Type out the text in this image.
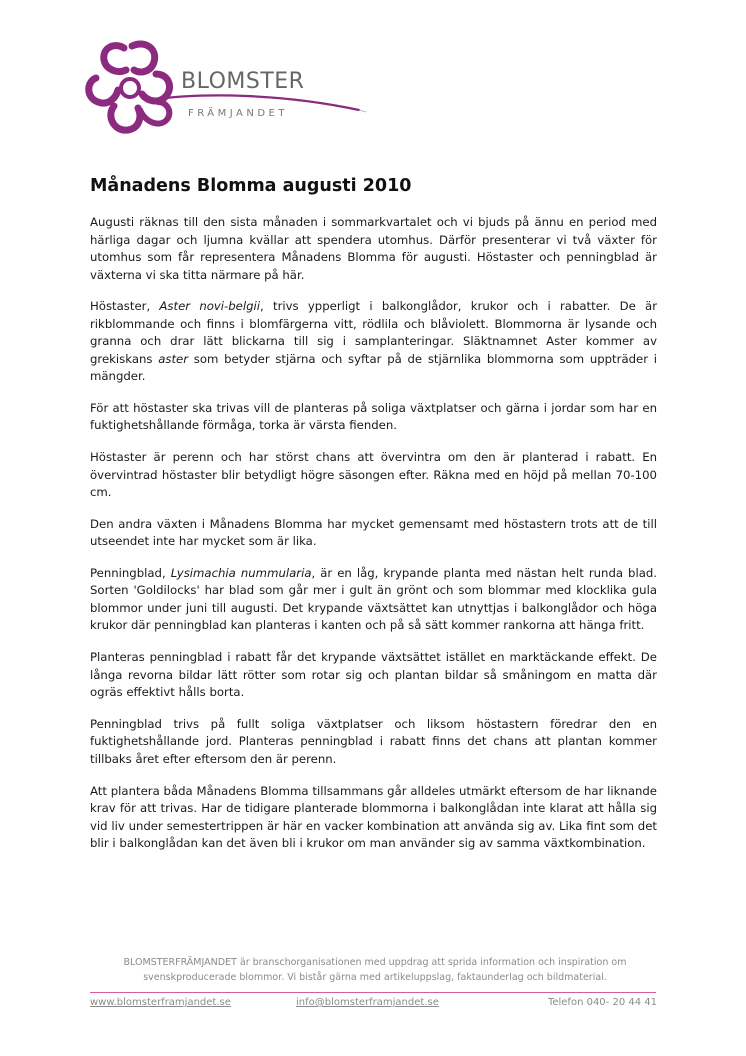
BLOMSTER
FRÄMJANDET
Månadens Blomma augusti 2010

Augusti räknas till den sista månaden i sommarkvartalet och vi bjuds på ännu en period med härliga dagar och ljumna kvällar att spendera utomhus. Därför presenterar vi två växter för utomhus som får representera Månadens Blomma för augusti. Höstaster och penningblad är växterna vi ska titta närmare på här.

Höstaster, Aster novi-belgii, trivs ypperligt i balkonglådor, krukor och i rabatter. De är rikblommande och finns i blomfärgerna vitt, rödlila och blåviolett. Blommorna är lysande och granna och drar lätt blickarna till sig i samplanteringar. Släktnamnet Aster kommer av grekiskans aster som betyder stjärna och syftar på de stjärnlika blommorna som uppträder i mängder.

För att höstaster ska trivas vill de planteras på soliga växtplatser och gärna i jordar som har en fuktighetshållande förmåga, torka är värsta fienden.

Höstaster är perenn och har störst chans att övervintra om den är planterad i rabatt. En övervintrad höstaster blir betydligt högre säsongen efter. Räkna med en höjd på mellan 70-100 cm.

Den andra växten i Månadens Blomma har mycket gemensamt med höstastern trots att de till utseendet inte har mycket som är lika.

Penningblad, Lysimachia nummularia, är en låg, krypande planta med nästan helt runda blad. Sorten 'Goldilocks' har blad som går mer i gult än grönt och som blommar med klocklika gula blommor under juni till augusti. Det krypande växtsättet kan utnyttjas i balkonglådor och höga krukor där penningblad kan planteras i kanten och på så sätt kommer rankorna att hänga fritt.

Planteras penningblad i rabatt får det krypande växtsättet istället en marktäckande effekt. De långa revorna bildar lätt rötter som rotar sig och plantan bildar så småningom en matta där ogräs effektivt hålls borta.

Penningblad trivs på fullt soliga växtplatser och liksom höstastern föredrar den en fuktighetshållande jord. Planteras penningblad i rabatt finns det chans att plantan kommer tillbaks året efter eftersom den är perenn.

Att plantera båda Månadens Blomma tillsammans går alldeles utmärkt eftersom de har liknande krav för att trivas. Har de tidigare planterade blommorna i balkonglådan inte klarat att hålla sig vid liv under semestertrippen är här en vacker kombination att använda sig av. Lika fint som det blir i balkonglådan kan det även bli i krukor om man använder sig av samma växtkombination.

BLOMSTERFRÄMJANDET är branschorganisationen med uppdrag att sprida information och inspiration om svenskproducerade blommor. Vi bistår gärna med artikeluppslag, faktaunderlag och bildmaterial.
www.blomsterframjandet.se	info@blomsterframjandet.se	Telefon 040- 20 44 41
